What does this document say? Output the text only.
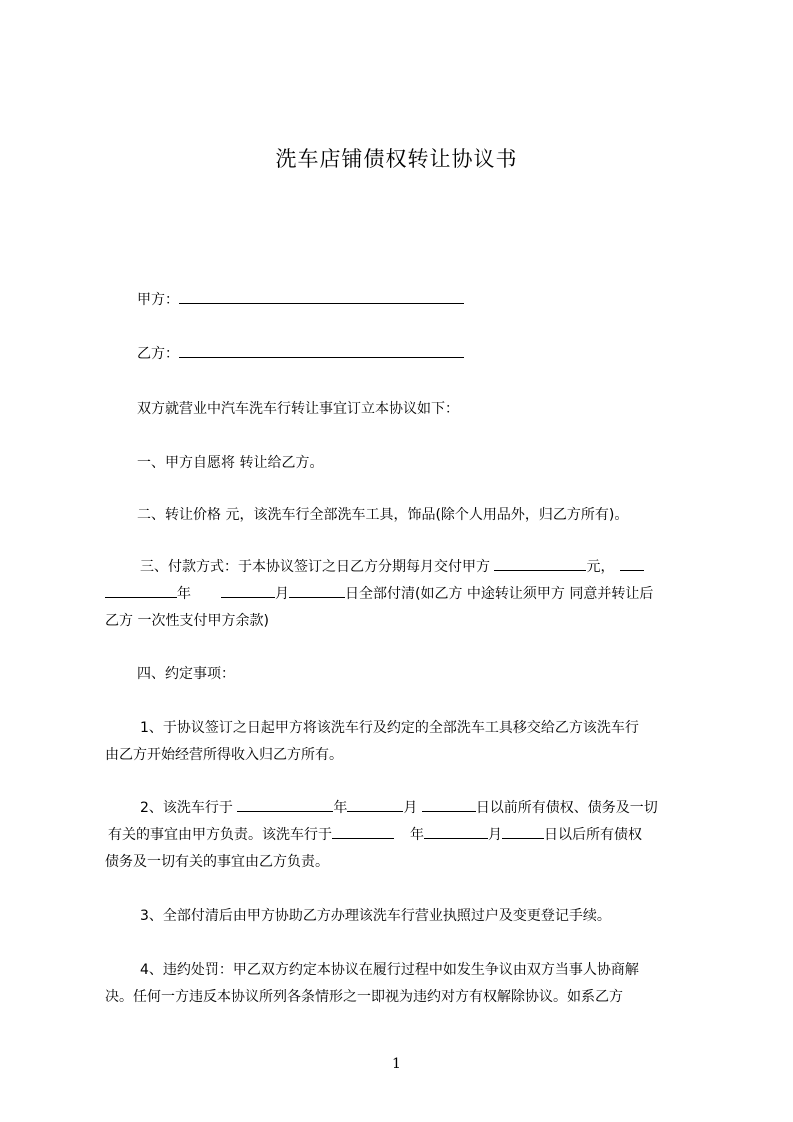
洗车店铺债权转让协议书
甲方：
乙方：
双方就营业中汽车洗车行转让事宜订立本协议如下：
一、甲方自愿将 转让给乙方。
二、转让价格 元，该洗车行全部洗车工具，饰品(除个人用品外，归乙方所有)。
三、付款方式：于本协议签订之日乙方分期每月交付甲方	元，
年	月	日全部付清(如乙方 中途转让须甲方 同意并转让后
乙方 一次性支付甲方余款)
四、约定事项：
1、于协议签订之日起甲方将该洗车行及约定的全部洗车工具移交给乙方该洗车行
由乙方开始经营所得收入归乙方所有。
2、该洗车行于	年	月	日以前所有债权、债务及一切
有关的事宜由甲方负责。该洗车行于	年	月	日以后所有债权
债务及一切有关的事宜由乙方负责。
3、全部付清后由甲方协助乙方办理该洗车行营业执照过户及变更登记手续。
4、违约处罚：甲乙双方约定本协议在履行过程中如发生争议由双方当事人协商解
决。任何一方违反本协议所列各条情形之一即视为违约对方有权解除协议。如系乙方
1
